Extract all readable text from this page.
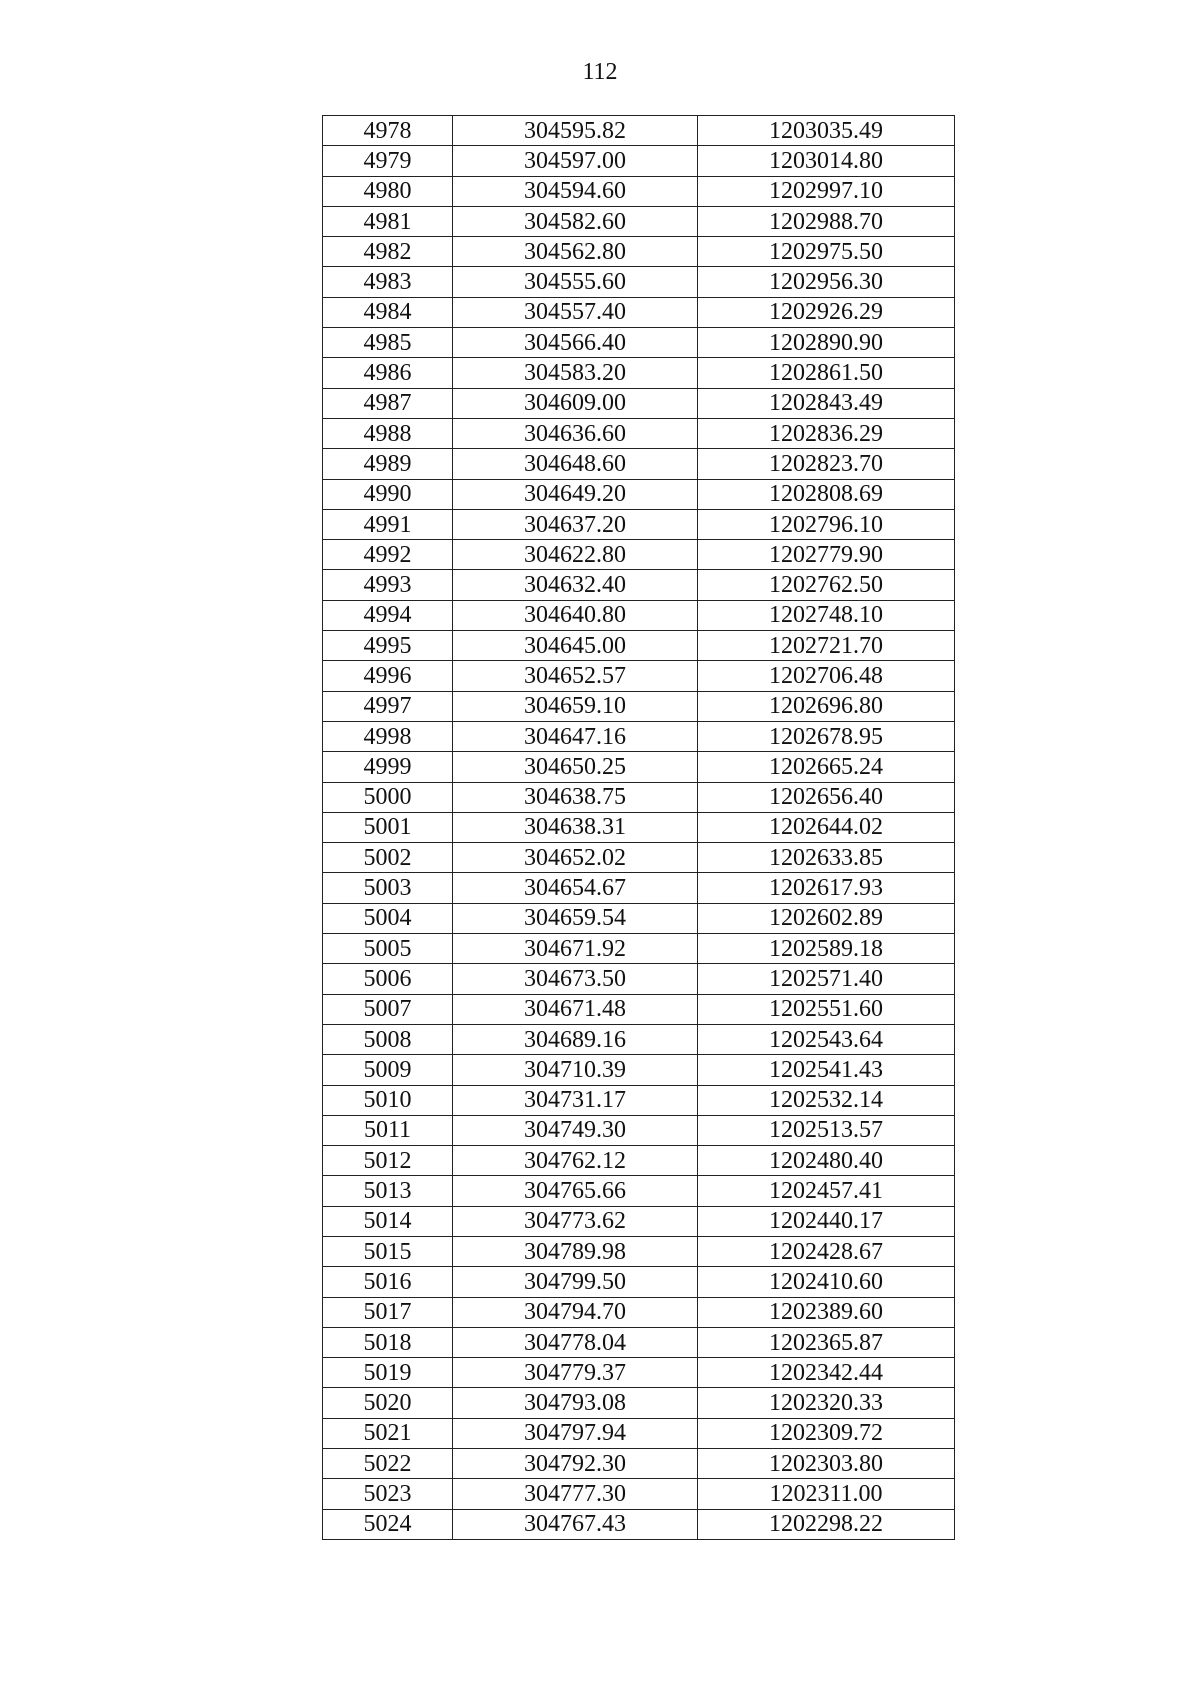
112
4978	304595.82	1203035.49
4979	304597.00	1203014.80
4980	304594.60	1202997.10
4981	304582.60	1202988.70
4982	304562.80	1202975.50
4983	304555.60	1202956.30
4984	304557.40	1202926.29
4985	304566.40	1202890.90
4986	304583.20	1202861.50
4987	304609.00	1202843.49
4988	304636.60	1202836.29
4989	304648.60	1202823.70
4990	304649.20	1202808.69
4991	304637.20	1202796.10
4992	304622.80	1202779.90
4993	304632.40	1202762.50
4994	304640.80	1202748.10
4995	304645.00	1202721.70
4996	304652.57	1202706.48
4997	304659.10	1202696.80
4998	304647.16	1202678.95
4999	304650.25	1202665.24
5000	304638.75	1202656.40
5001	304638.31	1202644.02
5002	304652.02	1202633.85
5003	304654.67	1202617.93
5004	304659.54	1202602.89
5005	304671.92	1202589.18
5006	304673.50	1202571.40
5007	304671.48	1202551.60
5008	304689.16	1202543.64
5009	304710.39	1202541.43
5010	304731.17	1202532.14
5011	304749.30	1202513.57
5012	304762.12	1202480.40
5013	304765.66	1202457.41
5014	304773.62	1202440.17
5015	304789.98	1202428.67
5016	304799.50	1202410.60
5017	304794.70	1202389.60
5018	304778.04	1202365.87
5019	304779.37	1202342.44
5020	304793.08	1202320.33
5021	304797.94	1202309.72
5022	304792.30	1202303.80
5023	304777.30	1202311.00
5024	304767.43	1202298.22
